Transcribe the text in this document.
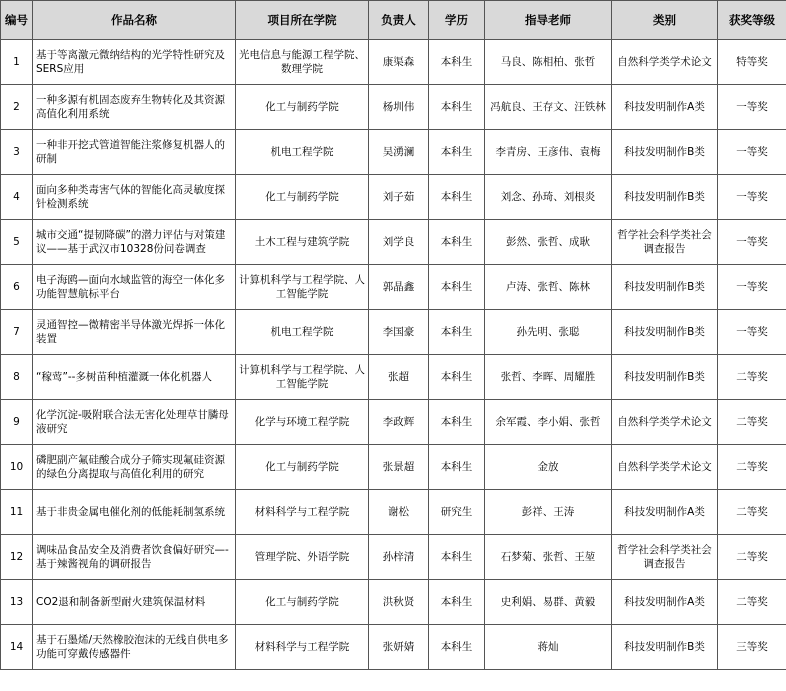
编号	作品名称	项目所在学院	负责人	学历	指导老师	类别	获奖等级
1	基于等离激元微纳结构的光学特性研究及SERS应用	光电信息与能源工程学院、数理学院	康渠森	本科生	马良、陈相柏、张哲	自然科学类学术论文	特等奖
2	一种多源有机固态废弃生物转化及其资源高值化利用系统	化工与制药学院	杨圳伟	本科生	冯航良、王存文、汪铁林	科技发明制作A类	一等奖
3	一种非开挖式管道智能注浆修复机器人的研制	机电工程学院	吴湧澜	本科生	李青房、王彦伟、袁梅	科技发明制作B类	一等奖
4	面向多种类毒害气体的智能化高灵敏度探针检测系统	化工与制药学院	刘子茹	本科生	刘念、孙琦、刘根炎	科技发明制作B类	一等奖
5	城市交通“提韧降碳”的潜力评估与对策建议——基于武汉市10328份问卷调查	土木工程与建筑学院	刘学良	本科生	彭然、张哲、成耿	哲学社会科学类社会调查报告	一等奖
6	电子海鸥—面向水域监管的海空一体化多功能智慧航标平台	计算机科学与工程学院、人工智能学院	郭晶鑫	本科生	卢涛、张哲、陈林	科技发明制作B类	一等奖
7	灵通智控—微精密半导体激光焊拆一体化装置	机电工程学院	李国豪	本科生	孙先明、张聪	科技发明制作B类	一等奖
8	“稼莺”--多树苗种植灌溉一体化机器人	计算机科学与工程学院、人工智能学院	张超	本科生	张哲、李晖、周耀胜	科技发明制作B类	二等奖
9	化学沉淀-吸附联合法无害化处理草甘膦母液研究	化学与环境工程学院	李政辉	本科生	余军霞、李小娟、张哲	自然科学类学术论文	二等奖
10	磷肥副产氟硅酸合成分子筛实现氟硅资源的绿色分离提取与高值化利用的研究	化工与制药学院	张景超	本科生	金放	自然科学类学术论文	二等奖
11	基于非贵金属电催化剂的低能耗制氢系统	材料科学与工程学院	谢松	研究生	彭祥、王涛	科技发明制作A类	二等奖
12	调味品食品安全及消费者饮食偏好研究—-基于辣酱视角的调研报告	管理学院、外语学院	孙梓清	本科生	石梦菊、张哲、王堃	哲学社会科学类社会调查报告	二等奖
13	CO2退和制备新型耐火建筑保温材料	化工与制药学院	洪秋贤	本科生	史利娟、易群、黄毅	科技发明制作A类	二等奖
14	基于石墨烯/天然橡胶泡沫的无线自供电多功能可穿戴传感器件	材料科学与工程学院	张妍婧	本科生	蒋灿	科技发明制作B类	三等奖
